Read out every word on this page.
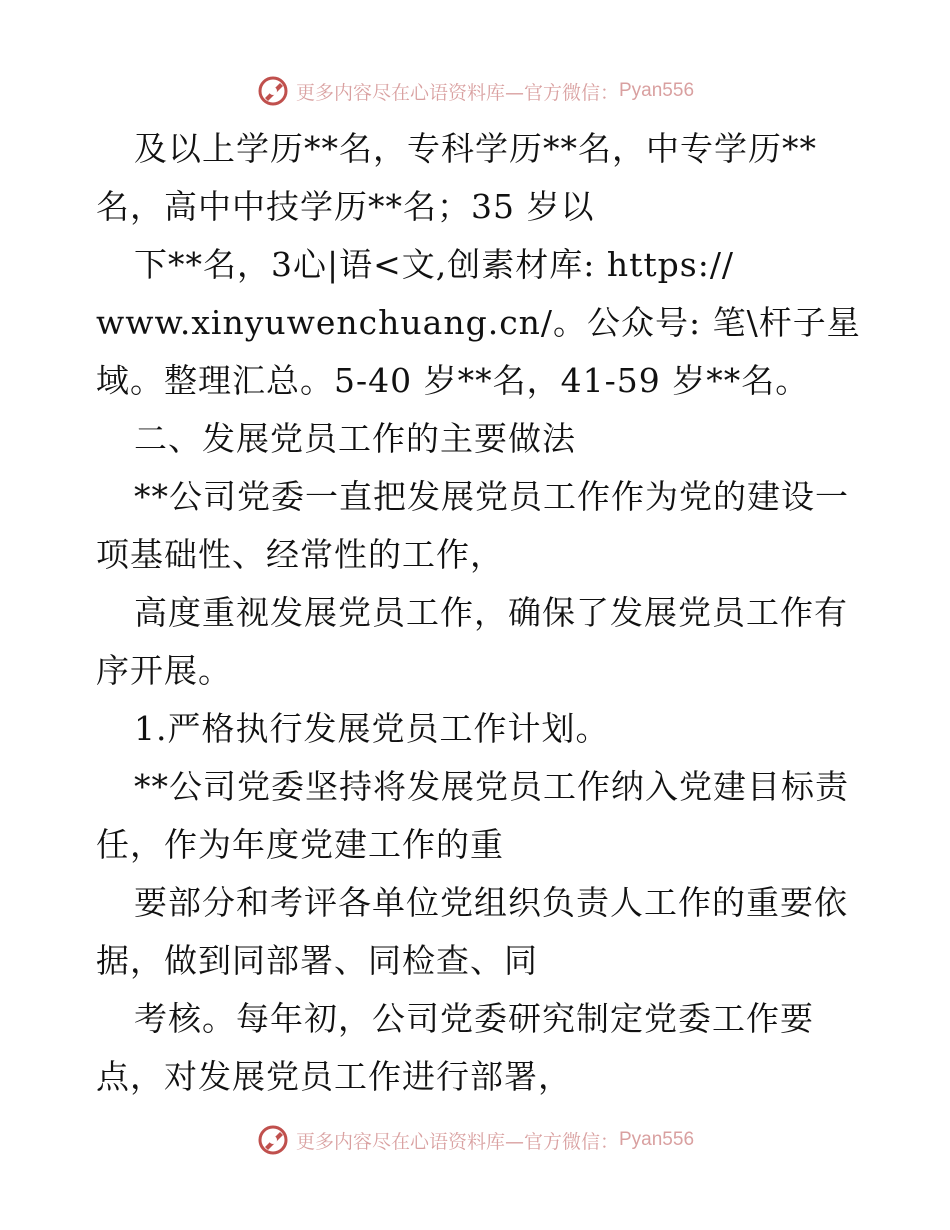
更多内容尽在心语资料库—官方微信： Pyan556
及以上学历**名，专科学历**名，中专学历**
名，高中中技学历**名；35 岁以
下**名，3心|语<文,创素材库: https://
www.xinyuwenchuang.cn/。公众号: 笔\杆子星
域。整理汇总。5-40 岁**名，41-59 岁**名。
二、发展党员工作的主要做法
**公司党委一直把发展党员工作作为党的建设一
项基础性、经常性的工作，
高度重视发展党员工作，确保了发展党员工作有
序开展。
1.严格执行发展党员工作计划。
**公司党委坚持将发展党员工作纳入党建目标责
任，作为年度党建工作的重
要部分和考评各单位党组织负责人工作的重要依
据，做到同部署、同检查、同
考核。每年初，公司党委研究制定党委工作要
点，对发展党员工作进行部署，
更多内容尽在心语资料库—官方微信： Pyan556
